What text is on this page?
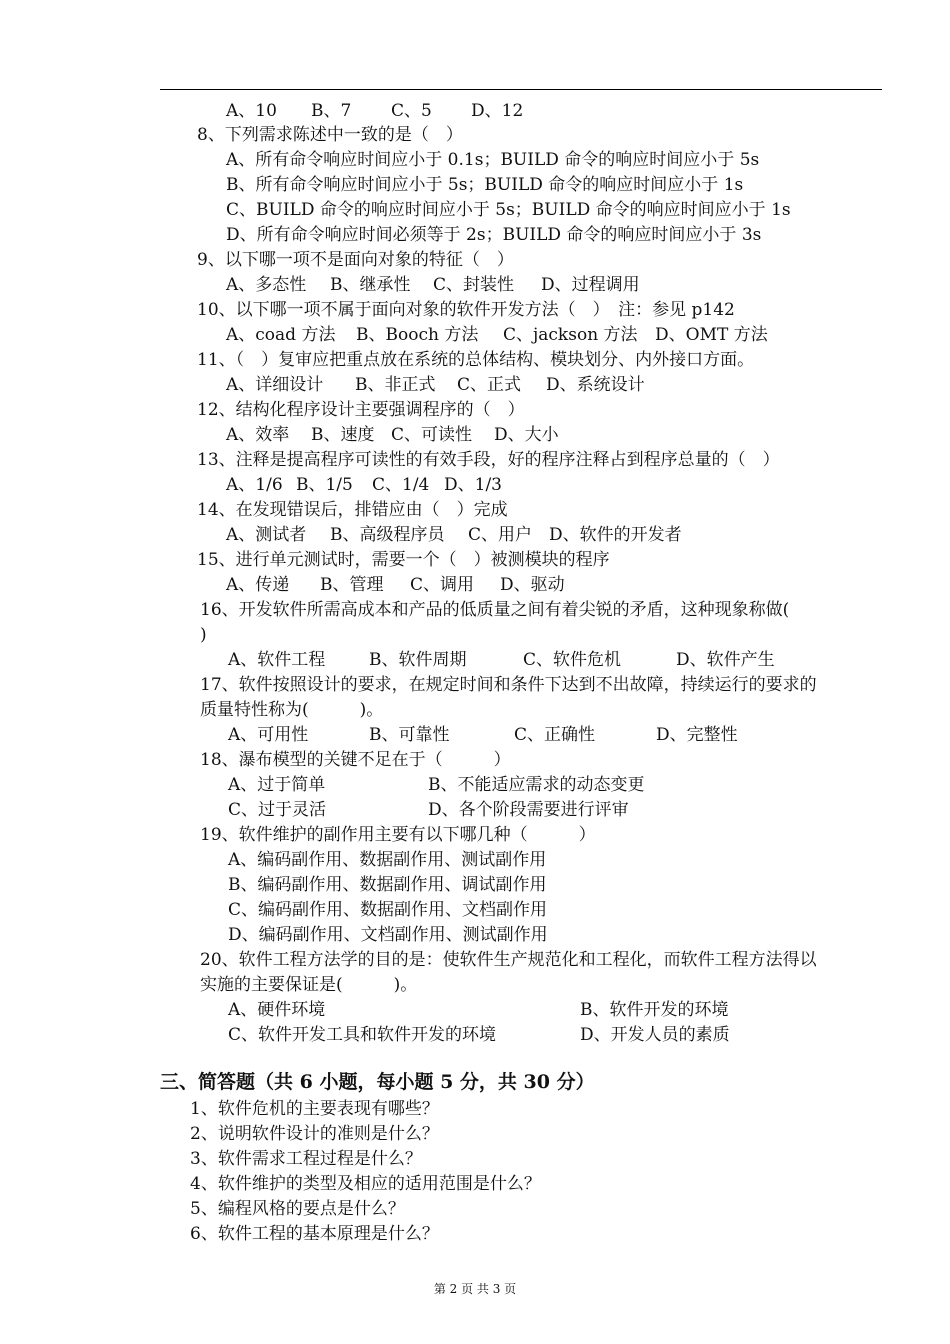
A、10 B、7 C、5 D、12
8、下列需求陈述中一致的是（　）
A、所有命令响应时间应小于 0.1s；BUILD 命令的响应时间应小于 5s
B、所有命令响应时间应小于 5s；BUILD 命令的响应时间应小于 1s
C、BUILD 命令的响应时间应小于 5s；BUILD 命令的响应时间应小于 1s
D、所有命令响应时间必须等于 2s；BUILD 命令的响应时间应小于 3s
9、以下哪一项不是面向对象的特征（　）
A、多态性 B、继承性 C、封装性 D、过程调用
10、以下哪一项不属于面向对象的软件开发方法（　）　注：参见 p142
A、coad 方法 B、Booch 方法 C、jackson 方法 D、OMT 方法
11、（　）复审应把重点放在系统的总体结构、模块划分、内外接口方面。
A、详细设计 B、非正式 C、正式 D、系统设计
12、结构化程序设计主要强调程序的（　）
A、效率 B、速度 C、可读性 D、大小
13、注释是提高程序可读性的有效手段，好的程序注释占到程序总量的（　）
A、1/6 B、1/5 C、1/4 D、1/3
14、在发现错误后，排错应由（　）完成
A、测试者 B、高级程序员 C、用户 D、软件的开发者
15、进行单元测试时，需要一个（　）被测模块的程序
A、传递 B、管理 C、调用 D、驱动
16、开发软件所需高成本和产品的低质量之间有着尖锐的矛盾，这种现象称做(
)
A、软件工程	B、软件周期	C、软件危机	D、软件产生
17、软件按照设计的要求，在规定时间和条件下达到不出故障，持续运行的要求的
质量特性称为(　　　)。
A、可用性	B、可靠性	C、正确性	D、完整性
18、瀑布模型的关键不足在于（　　　）
A、过于简单	B、不能适应需求的动态变更
C、过于灵活	D、各个阶段需要进行评审
19、软件维护的副作用主要有以下哪几种（　　　）
A、编码副作用、数据副作用、测试副作用
B、编码副作用、数据副作用、调试副作用
C、编码副作用、数据副作用、文档副作用
D、编码副作用、文档副作用、测试副作用
20、软件工程方法学的目的是：使软件生产规范化和工程化，而软件工程方法得以
实施的主要保证是(　　　)。
A、硬件环境	B、软件开发的环境
C、软件开发工具和软件开发的环境	D、开发人员的素质
三、简答题（共 6 小题，每小题 5 分，共 30 分）
1、软件危机的主要表现有哪些？
2、说明软件设计的准则是什么？
3、软件需求工程过程是什么？
4、软件维护的类型及相应的适用范围是什么？
5、编程风格的要点是什么？
6、软件工程的基本原理是什么？
第 2 页 共 3 页
